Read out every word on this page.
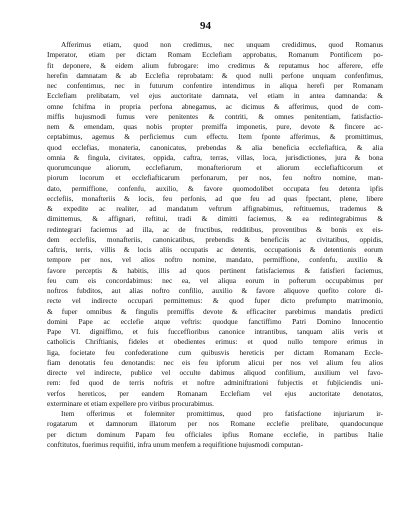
94
Afferimus etiam, quod non credimus, nec unquam credidimus, quod Romanus
Imperator, etiam per dictam Romam Ecclefiam approbatus, Romanum Pontificem po-
fit deponere, & eidem alium fubrogare: imo credimus & reputamus hoc afferere, effe
herefin damnatam & ab Ecclefia reprobatam: & quod nulli perfone unquam confenfimus,
nec confentimus, nec in futurum confentire intendimus in aliqua herefi per Romanam
Ecclefiam prelibatam, vel ejus auctoritate damnata, vel etiam in antea damnanda: &
omne fchifma in propria perfona abnegamus, ac dicimus & afferimus, quod de com-
miffis hujusmodi fumus vere penitentes & contriti, & omnes penitentiam, fatisfactio-
nem & emendam, quas nobis propter premiffa imponetis, pure, devote & fincere ac-
ceptabimus, agemus & perficiemus cum effectu. Item fponte afferimus, & promittimus,
quod ecclefias, monateria, canonicatus, prebendas & alia beneficia ecclefiaftica, & alia
omnia & fingula, civitates, oppida, caftra, terras, villas, loca, jurisdictiones, jura & bona
quorumcunque aliorum, ecclefiarum, monafteriorum et aliorum ecclefiafticorum et
piorum locorum et ecclefiafticarum perfonarum, per nos, feu noftro nomine, man-
dato, permiffione, confenfu, auxilio, & favore quomodolibet occupata feu detenta ipfis
ecclefiis, monafteriis & locis, feu perfonis, ad que feu ad quas fpectant, plene, libere
& expedite ac realiter, ad mandatum veftrum affignabimus, reftituemus, trademus &
dimittemus, & affignari, reftitui, tradi & dimitti faciemus, & ea redintegrabimus &
redintegrari faciemus ad illa, ac de fructibus, redditibus, proventibus & bonis ex eis-
dem ecclefiis, monafteriis, canonicatibus, prebendis & beneficiis ac civitatibus, oppidis,
caftris, terris, villis & locis aliis occupatis ac detentis, occupationis & detentionis eorum
tempore per nos, vel alios noftro nomine, mandato, permiffione, confenfu, auxilio &
favore perceptis & habitis, illis ad quos pertinent fatisfaciemus & fatisfieri faciemus,
feu cum eis concordabimus: nec ea, vel aliqua eorum in pofterum occupabimus per
noftros fubditos, aut alias noftro confilio, auxilio & favore aliquove quefito colore di-
recte vel indirecte occupari permittemus: & quod fuper dicto prefumpto matrimonio,
& fuper omnibus & fingulis premiffis devote & efficaciter parebimus mandatis predicti
domini Pape ac ecclefie atque veftris: quodque fanctiffimo Patri Domino Innocentio
Pape VI. digniffimo, et fuis fucceffioribus canonice intrantibus, tanquam aliis veris et
catholicis Chriftianis, fideles et obedientes erimus: et quod nullo tempore erimus in
liga, focietate feu confederatione cum quibusvis hereticis per dictam Romanam Eccle-
fiam denotatis feu denotandis: nec eis feu ipforum alicui per nos vel alium feu alios
directe vel indirecte, publice vel occulte dabimus aliquod confilium, auxilium vel favo-
rem: fed quod de terris noftris et noftre adminiftrationi fubjectis et fubjiciendis uni-
verfos hereticos, per eandem Romanam Ecclefiam vel ejus auctoritate denotatos,
exterminare et etiam expellere pro viribus procurabimus.
Item offerimus et folemniter promittimus, quod pro fatisfactione injuriarum ir-
rogatarum et damnorum illatorum per nos Romane ecclefie prelibate, quandocunque
per dictum dominum Papam feu officiales ipfius Romane ecclefie, in partibus Italie
conftitutos, fuerimus requifiti, infra unum menfem a requifitione hujusmodi computan-
